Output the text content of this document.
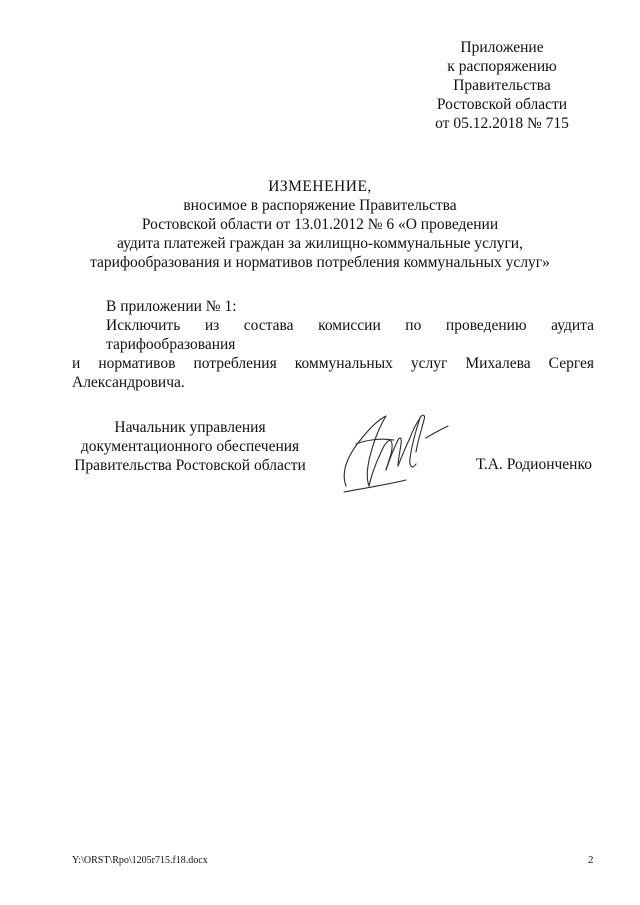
Приложение
к распоряжению
Правительства
Ростовской области
от 05.12.2018 № 715
ИЗМЕНЕНИЕ,
вносимое в распоряжение Правительства
Ростовской области от 13.01.2012 № 6 «О проведении
аудита платежей граждан за жилищно-коммунальные услуги,
тарифообразования и нормативов потребления коммунальных услуг»
В приложении № 1:
Исключить из состава комиссии по проведению аудита тарифообразования
и нормативов потребления коммунальных услуг Михалева Сергея
Александровича.
Начальник управления
документационного обеспечения
Правительства Ростовской области	Т.А. Родионченко
Y:\ORST\Rpo\1205r715.f18.docx	2
